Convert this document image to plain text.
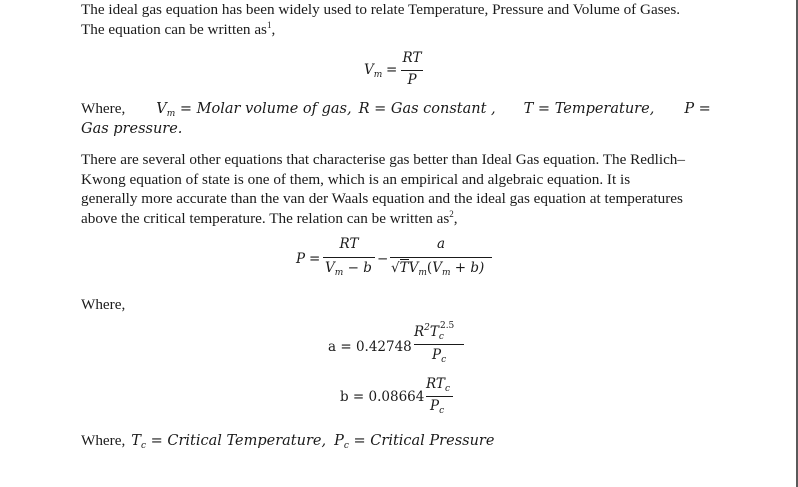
The ideal gas equation has been widely used to relate Temperature, Pressure and Volume of Gases.
The equation can be written $as^1$,

$V_m$ =
RT
P

Where, $V_m$ = Molar volume of gas, R = Gas constant , T = Temperature, P =
Gas pressure.

There are several other equations that characterise gas better than Ideal Gas equation. The Redlich–
Kwong equation of state is one of them, which is an empirical and algebraic equation. It is
generally more accurate than the van der Waals equation and the ideal gas equation at temperatures
above the critical temperature. The relation can be written $as^2$,

P =
RT
$V_m - b$
−
a
$√TV_m(V_m + b)$

Where,

a = 0.42748
$R^2T_c^{2.5}$
$P_c$
b = 0.08664
$RT_c$
$P_c$

Where, $T_c$ = Critical Temperature, $P_c$ = Critical Pressure
